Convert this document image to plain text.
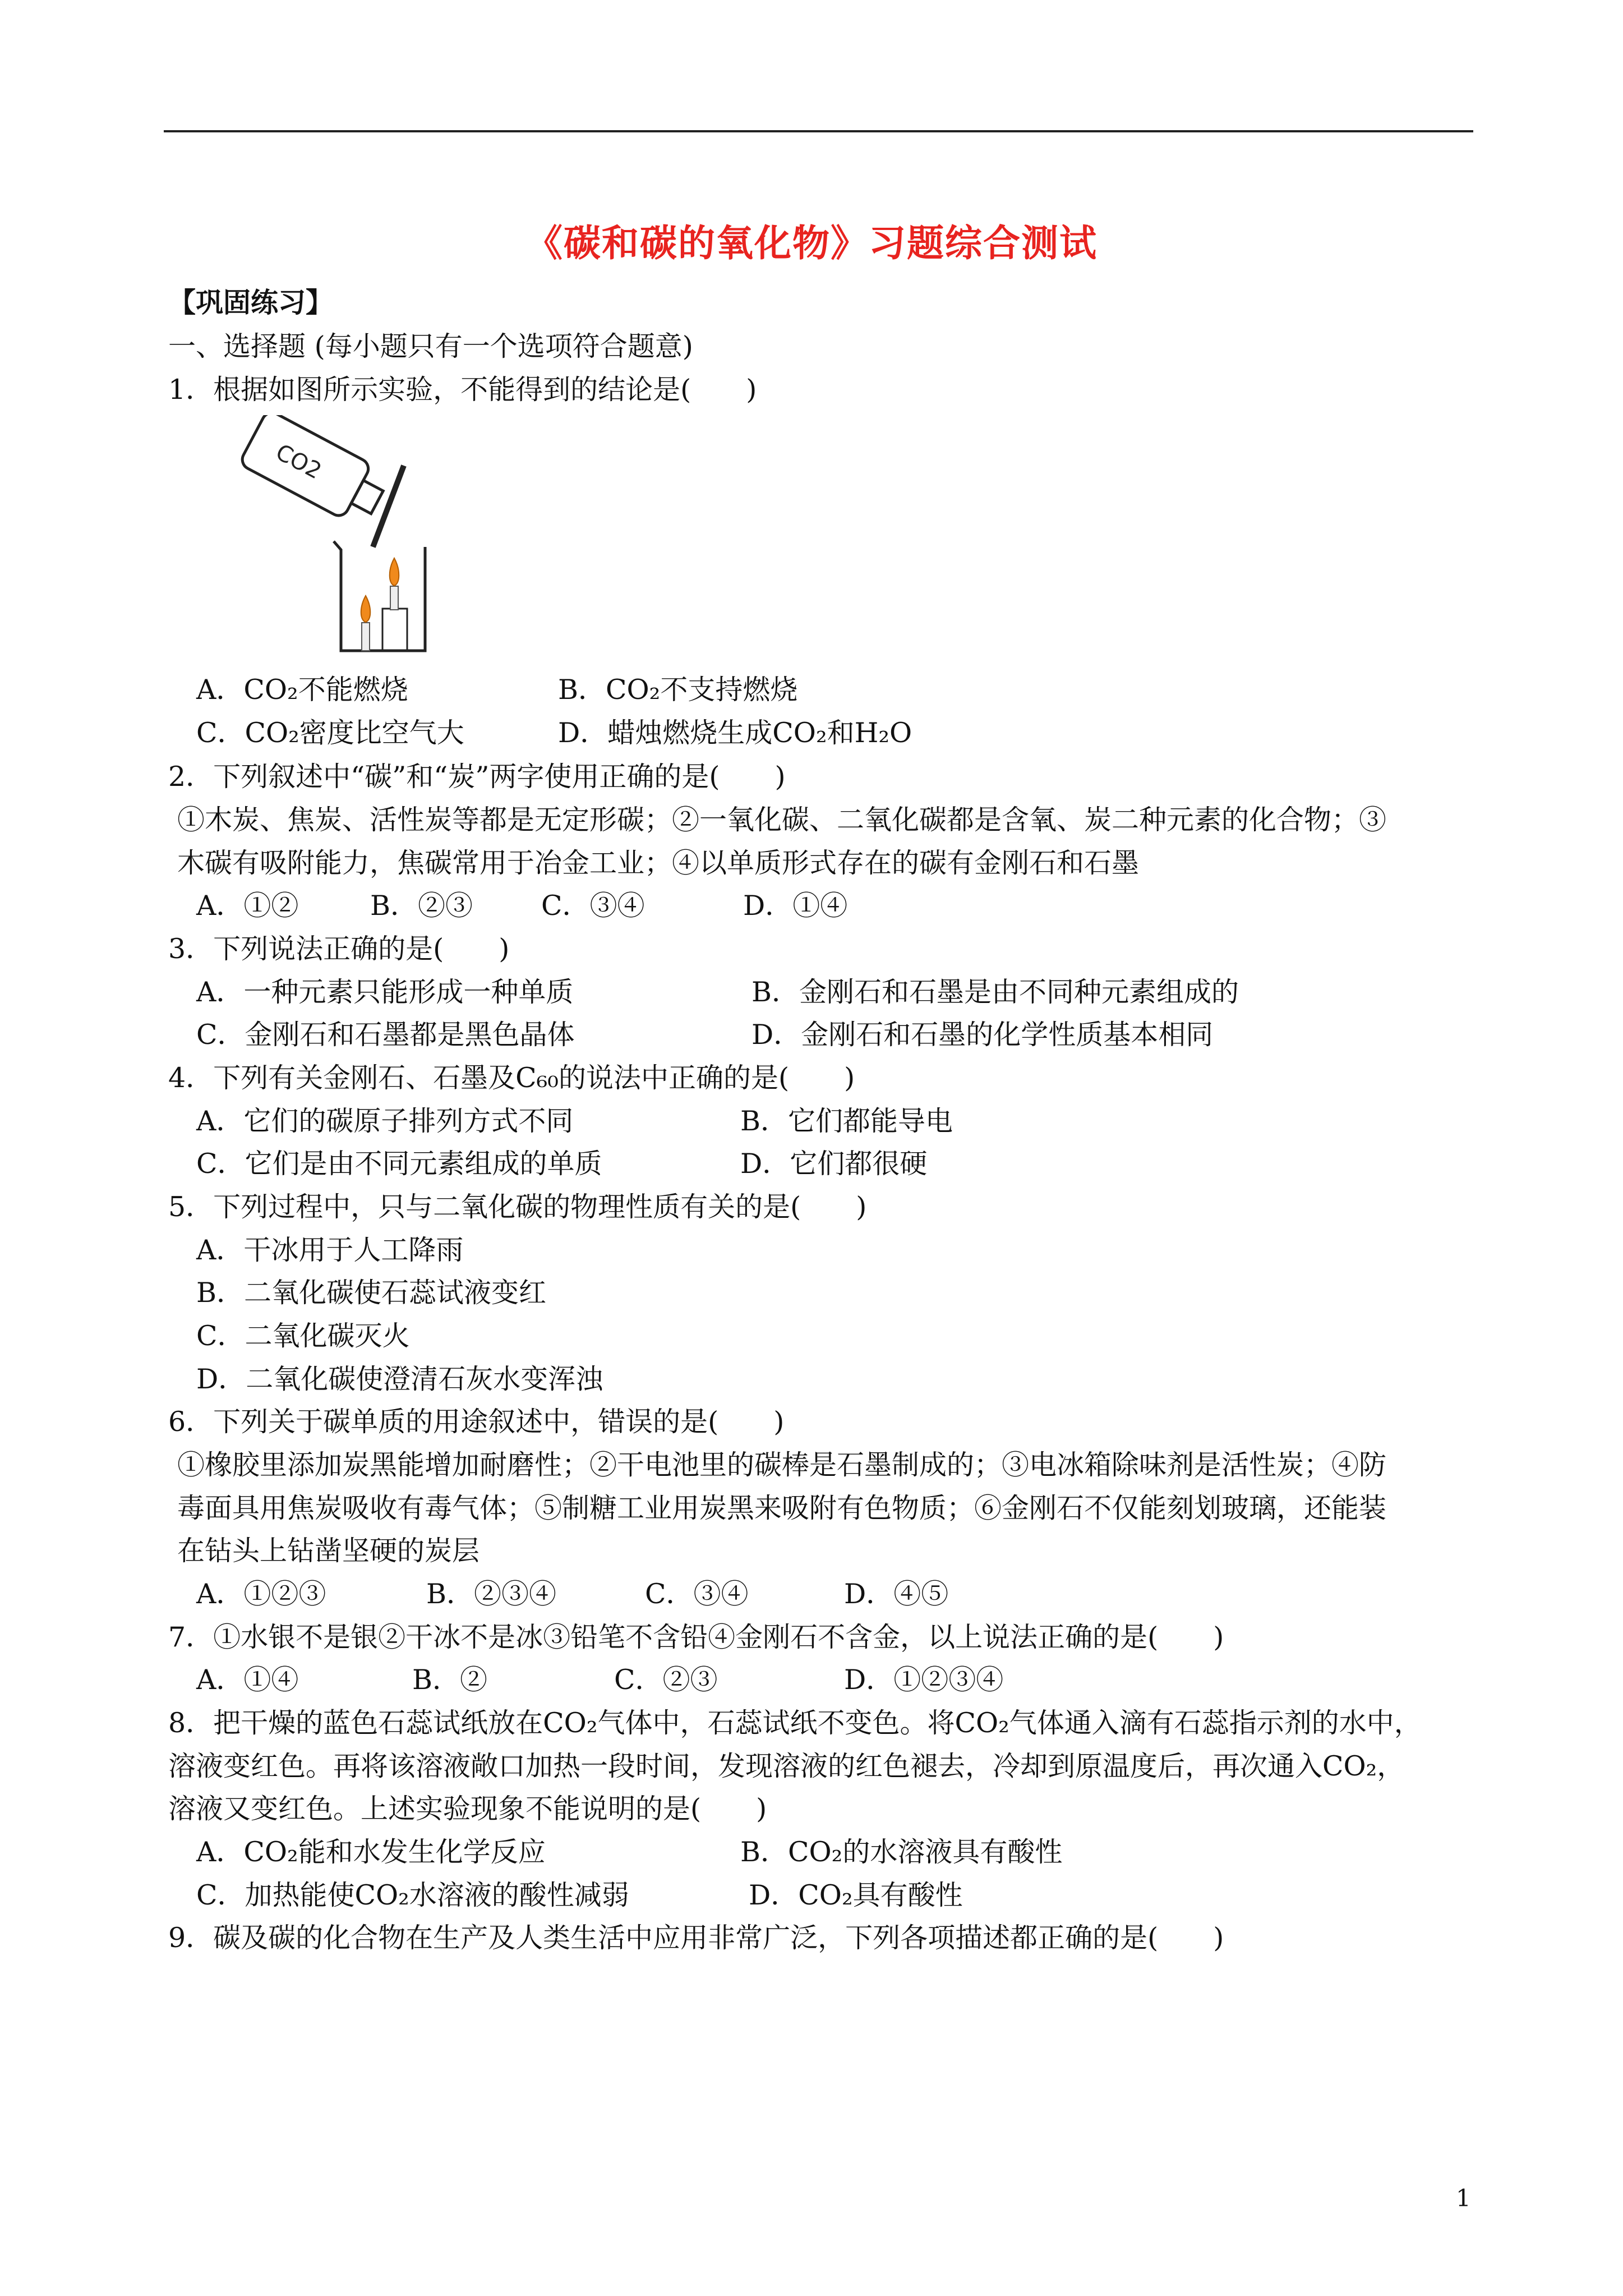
《碳和碳的氧化物》习题综合测试
【巩固练习】
一、选择题 (每小题只有一个选项符合题意)
1．根据如图所示实验，不能得到的结论是(　　)
A．CO₂不能燃烧	B．CO₂不支持燃烧
C．CO₂密度比空气大	D．蜡烛燃烧生成CO₂和H₂O
2．下列叙述中“碳”和“炭”两字使用正确的是(　　)
①木炭、焦炭、活性炭等都是无定形碳；②一氧化碳、二氧化碳都是含氧、炭二种元素的化合物；③
木碳有吸附能力，焦碳常用于冶金工业；④以单质形式存在的碳有金刚石和石墨
A．①②	B．②③ C．③④	D．①④
3．下列说法正确的是(　　)
A．一种元素只能形成一种单质	B．金刚石和石墨是由不同种元素组成的
C．金刚石和石墨都是黑色晶体	D．金刚石和石墨的化学性质基本相同
4．下列有关金刚石、石墨及C₆₀的说法中正确的是(　　)
A．它们的碳原子排列方式不同	B．它们都能导电
C．它们是由不同元素组成的单质	D．它们都很硬
5．下列过程中，只与二氧化碳的物理性质有关的是(　　)
A．干冰用于人工降雨
B．二氧化碳使石蕊试液变红
C．二氧化碳灭火
D．二氧化碳使澄清石灰水变浑浊
6．下列关于碳单质的用途叙述中，错误的是(　　)
①橡胶里添加炭黑能增加耐磨性；②干电池里的碳棒是石墨制成的；③电冰箱除味剂是活性炭；④防
毒面具用焦炭吸收有毒气体；⑤制糖工业用炭黑来吸附有色物质；⑥金刚石不仅能刻划玻璃，还能装
在钻头上钻凿坚硬的炭层
A．①②③	B．②③④	C．③④	D．④⑤
7．①水银不是银②干冰不是冰③铅笔不含铅④金刚石不含金，以上说法正确的是(　　)
A．①④	B．②	C．②③	D．①②③④
8．把干燥的蓝色石蕊试纸放在CO₂气体中，石蕊试纸不变色。将CO₂气体通入滴有石蕊指示剂的水中，
溶液变红色。再将该溶液敞口加热一段时间，发现溶液的红色褪去，冷却到原温度后，再次通入CO₂，
溶液又变红色。上述实验现象不能说明的是(　　)
A．CO₂能和水发生化学反应	B．CO₂的水溶液具有酸性
C．加热能使CO₂水溶液的酸性减弱	D．CO₂具有酸性
9．碳及碳的化合物在生产及人类生活中应用非常广泛，下列各项描述都正确的是(　　)
CO2
1
